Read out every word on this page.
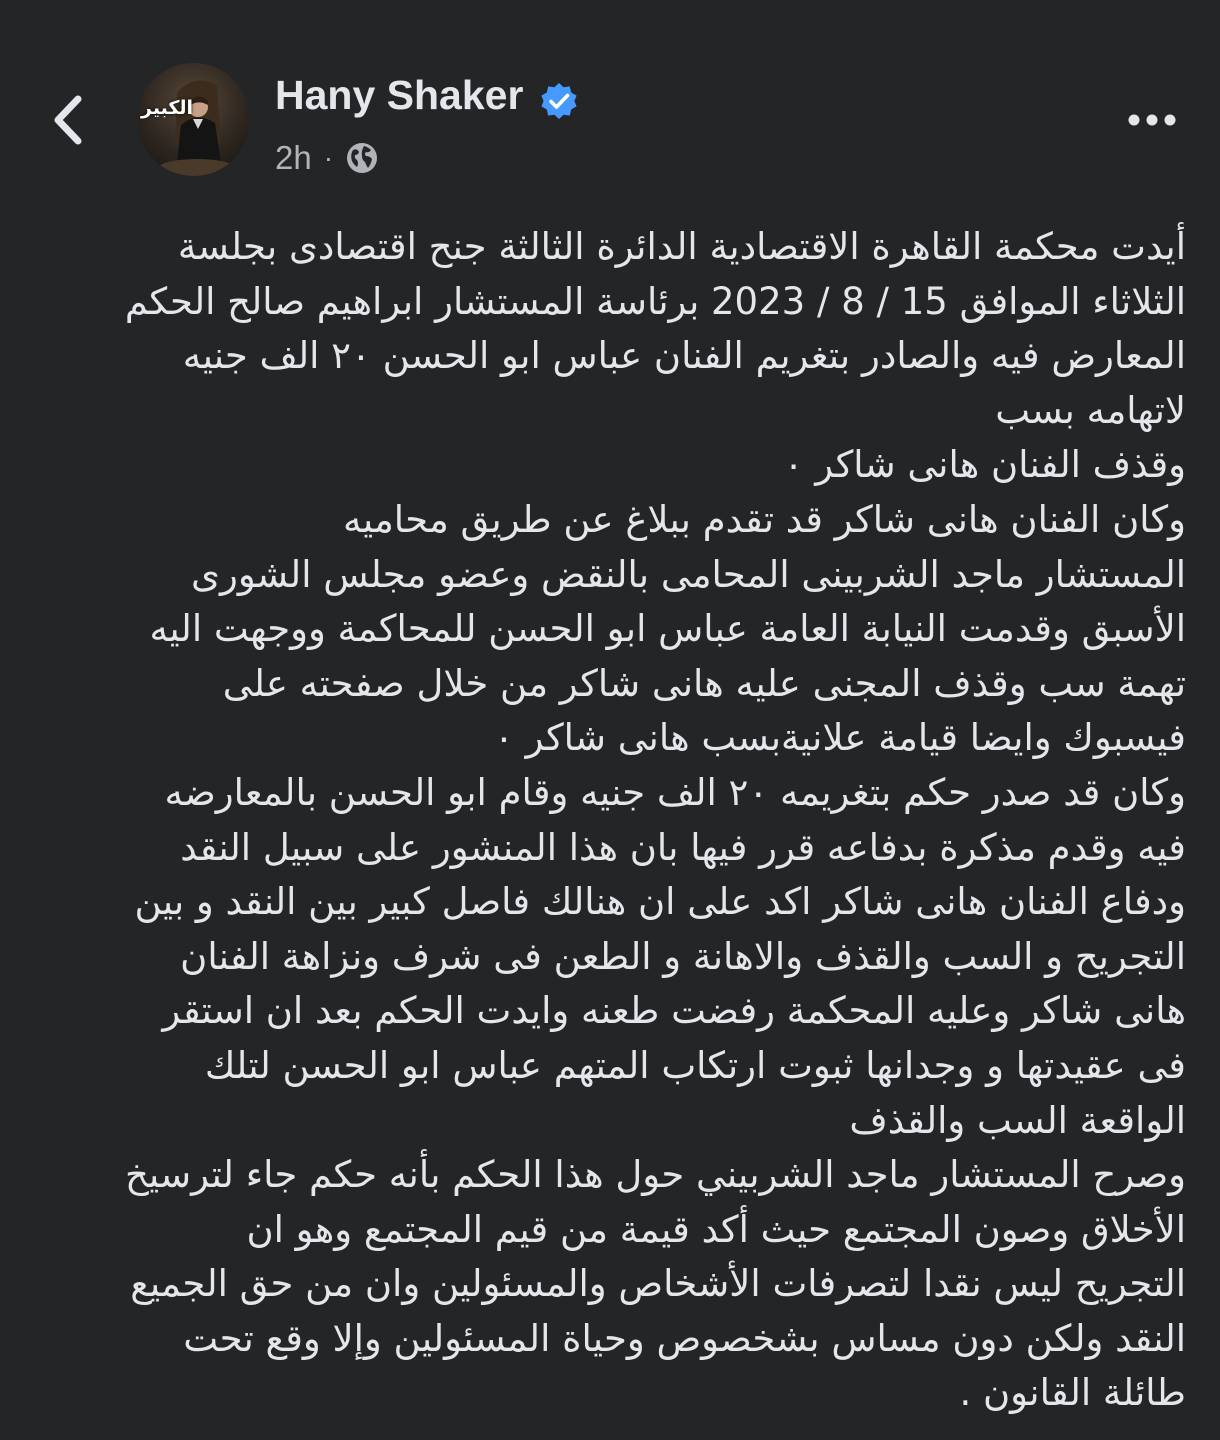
الكبير Hany Shaker
2h ·
أيدت محكمة القاهرة الاقتصادية الدائرة الثالثة جنح اقتصادى بجلسة
الثلاثاء الموافق 15 / 8 / 2023 برئاسة المستشار ابراهيم صالح الحكم
المعارض فيه والصادر بتغريم الفنان عباس ابو الحسن ٢٠ الف جنيه
لاتهامه بسب
وقذف الفنان هانى شاكر ٠
وكان الفنان هانى شاكر قد تقدم ببلاغ عن طريق محاميه
المستشار ماجد الشربينى المحامى بالنقض وعضو مجلس الشورى
الأسبق وقدمت النيابة العامة عباس ابو الحسن للمحاكمة ووجهت اليه
تهمة سب وقذف المجنى عليه هانى شاكر من خلال صفحته على
فيسبوك وايضا قيامة علانيةبسب هانى شاكر ٠
وكان قد صدر حكم بتغريمه ٢٠ الف جنيه وقام ابو الحسن بالمعارضه
فيه وقدم مذكرة بدفاعه قرر فيها بان هذا المنشور على سبيل النقد
ودفاع الفنان هانى شاكر اكد على ان هنالك فاصل كبير بين النقد و بين
التجريح و السب والقذف والاهانة و الطعن فى شرف ونزاهة الفنان
هانى شاكر وعليه المحكمة رفضت طعنه وايدت الحكم بعد ان استقر
فى عقيدتها و وجدانها ثبوت ارتكاب المتهم عباس ابو الحسن لتلك
الواقعة السب والقذف
وصرح المستشار ماجد الشربيني حول هذا الحكم بأنه حكم جاء لترسيخ
الأخلاق وصون المجتمع حيث أكد قيمة من قيم المجتمع وهو ان
التجريح ليس نقدا لتصرفات الأشخاص والمسئولين وان من حق الجميع
النقد ولكن دون مساس بشخصوص وحياة المسئولين وإلا وقع تحت
طائلة القانون .
